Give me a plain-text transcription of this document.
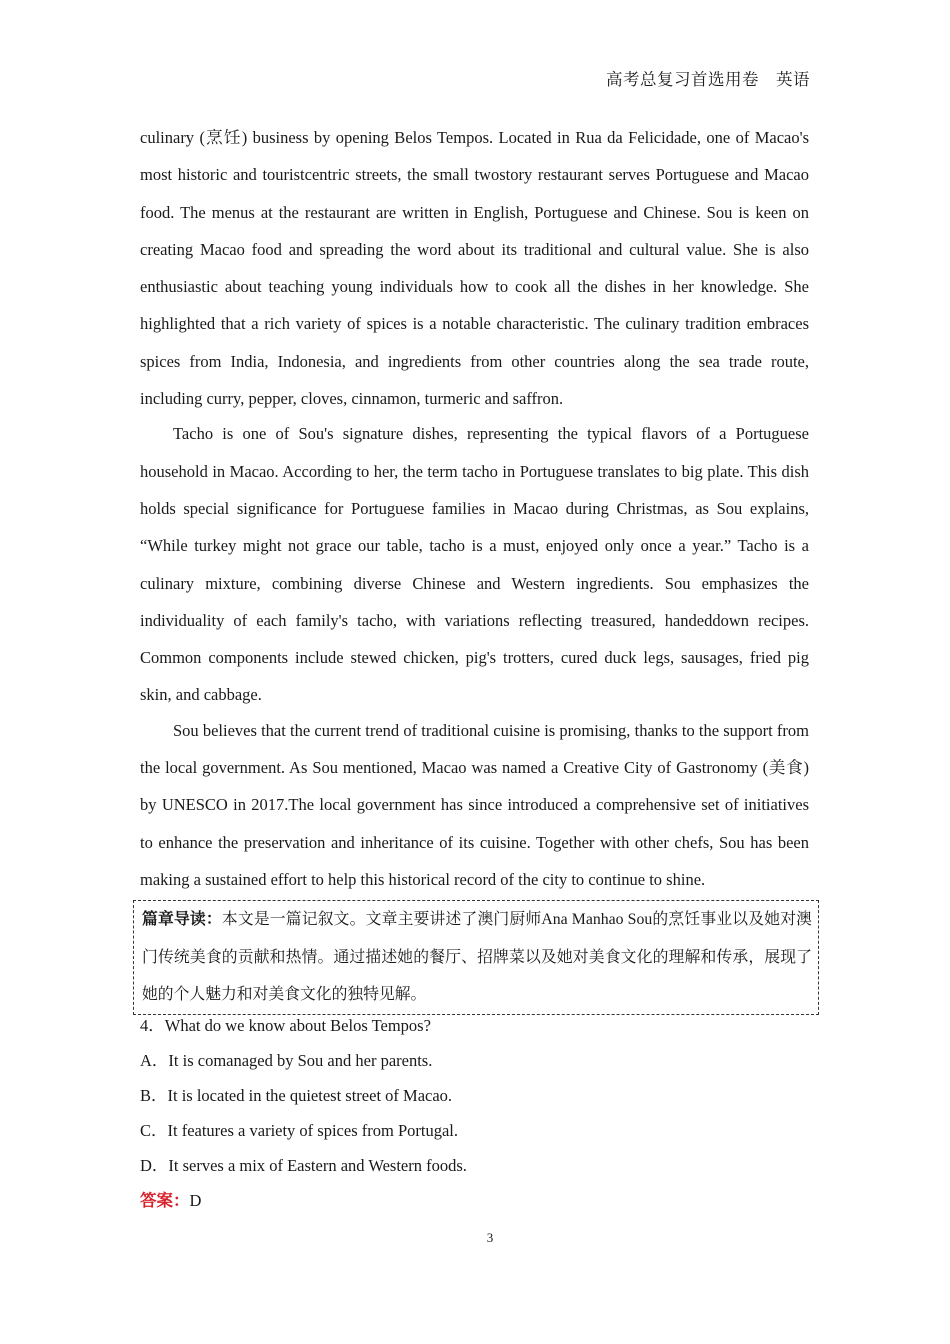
高考总复习首选用卷　英语

culinary (烹饪) business by opening Belos Tempos. Located in Rua da Felicidade, one of Macao's most historic and touristcentric streets, the small twostory restaurant serves Portuguese and Macao food. The menus at the restaurant are written in English, Portuguese and Chinese. Sou is keen on creating Macao food and spreading the word about its traditional and cultural value. She is also enthusiastic about teaching young individuals how to cook all the dishes in her knowledge. She highlighted that a rich variety of spices is a notable characteristic. The culinary tradition embraces spices from India, Indonesia, and ingredients from other countries along the sea trade route, including curry, pepper, cloves, cinnamon, turmeric and saffron.

Tacho is one of Sou's signature dishes, representing the typical flavors of a Portuguese household in Macao. According to her, the term tacho in Portuguese translates to big plate. This dish holds special significance for Portuguese families in Macao during Christmas, as Sou explains, “While turkey might not grace our table, tacho is a must, enjoyed only once a year.” Tacho is a culinary mixture, combining diverse Chinese and Western ingredients. Sou emphasizes the individuality of each family's tacho, with variations reflecting treasured, handeddown recipes. Common components include stewed chicken, pig's trotters, cured duck legs, sausages, fried pig skin, and cabbage.

Sou believes that the current trend of traditional cuisine is promising, thanks to the support from the local government. As Sou mentioned, Macao was named a Creative City of Gastronomy (美食) by UNESCO in 2017.The local government has since introduced a comprehensive set of initiatives to enhance the preservation and inheritance of its cuisine. Together with other chefs, Sou has been making a sustained effort to help this historical record of the city to continue to shine.

篇章导读：本文是一篇记叙文。文章主要讲述了澳门厨师Ana Manhao Sou的烹饪事业以及她对澳门传统美食的贡献和热情。通过描述她的餐厅、招牌菜以及她对美食文化的理解和传承，展现了她的个人魅力和对美食文化的独特见解。
4．What do we know about Belos Tempos?
A．It is comanaged by Sou and her parents.
B．It is located in the quietest street of Macao.
C．It features a variety of spices from Portugal.
D．It serves a mix of Eastern and Western foods.
答案：D
3
